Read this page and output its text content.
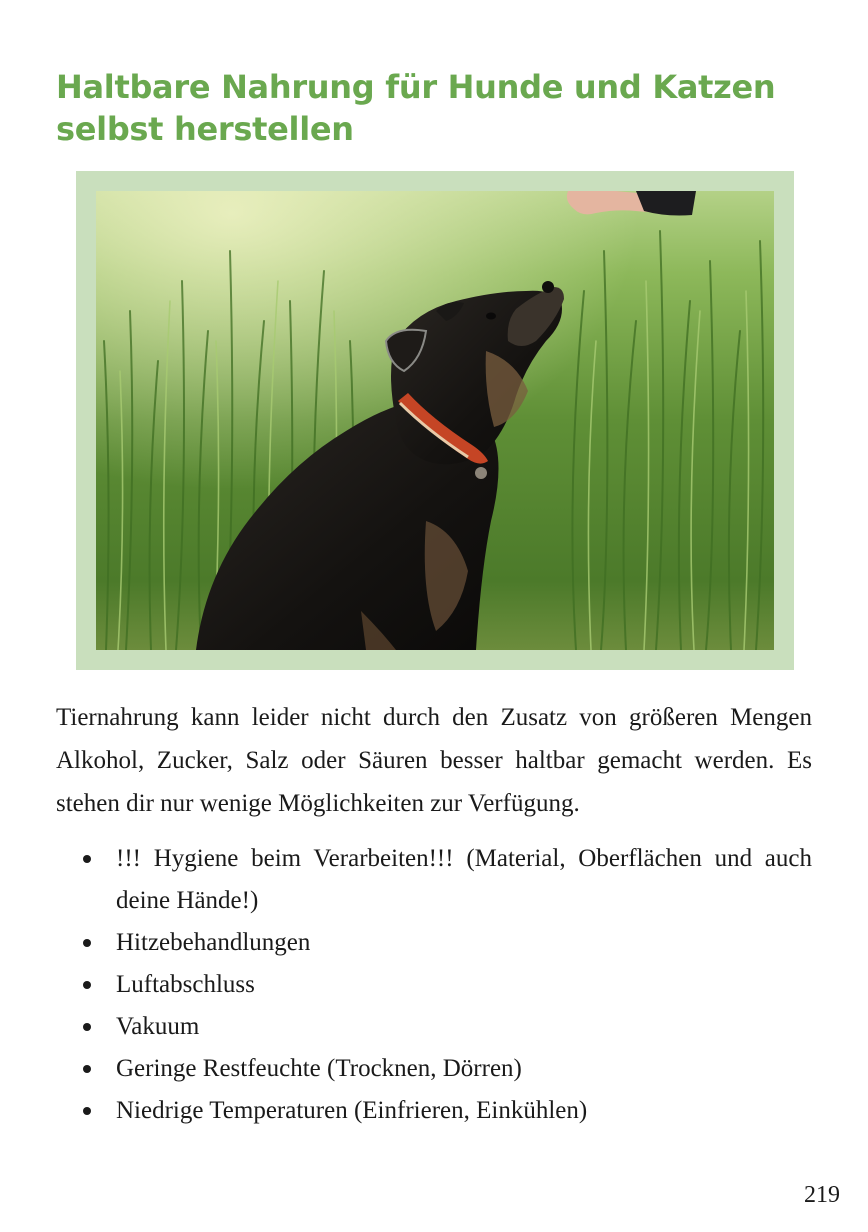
Haltbare Nahrung für Hunde und Katzen selbst herstellen

Tiernahrung kann leider nicht durch den Zusatz von größeren Mengen Alkohol, Zucker, Salz oder Säuren besser haltbar gemacht werden. Es stehen dir nur wenige Möglichkeiten zur Verfügung.

!!! Hygiene beim Verarbeiten!!! (Material, Oberflächen und auch deine Hände!)
Hitzebehandlungen
Luftabschluss
Vakuum
Geringe Restfeuchte (Trocknen, Dörren)
Niedrige Temperaturen (Einfrieren, Einkühlen)
219
